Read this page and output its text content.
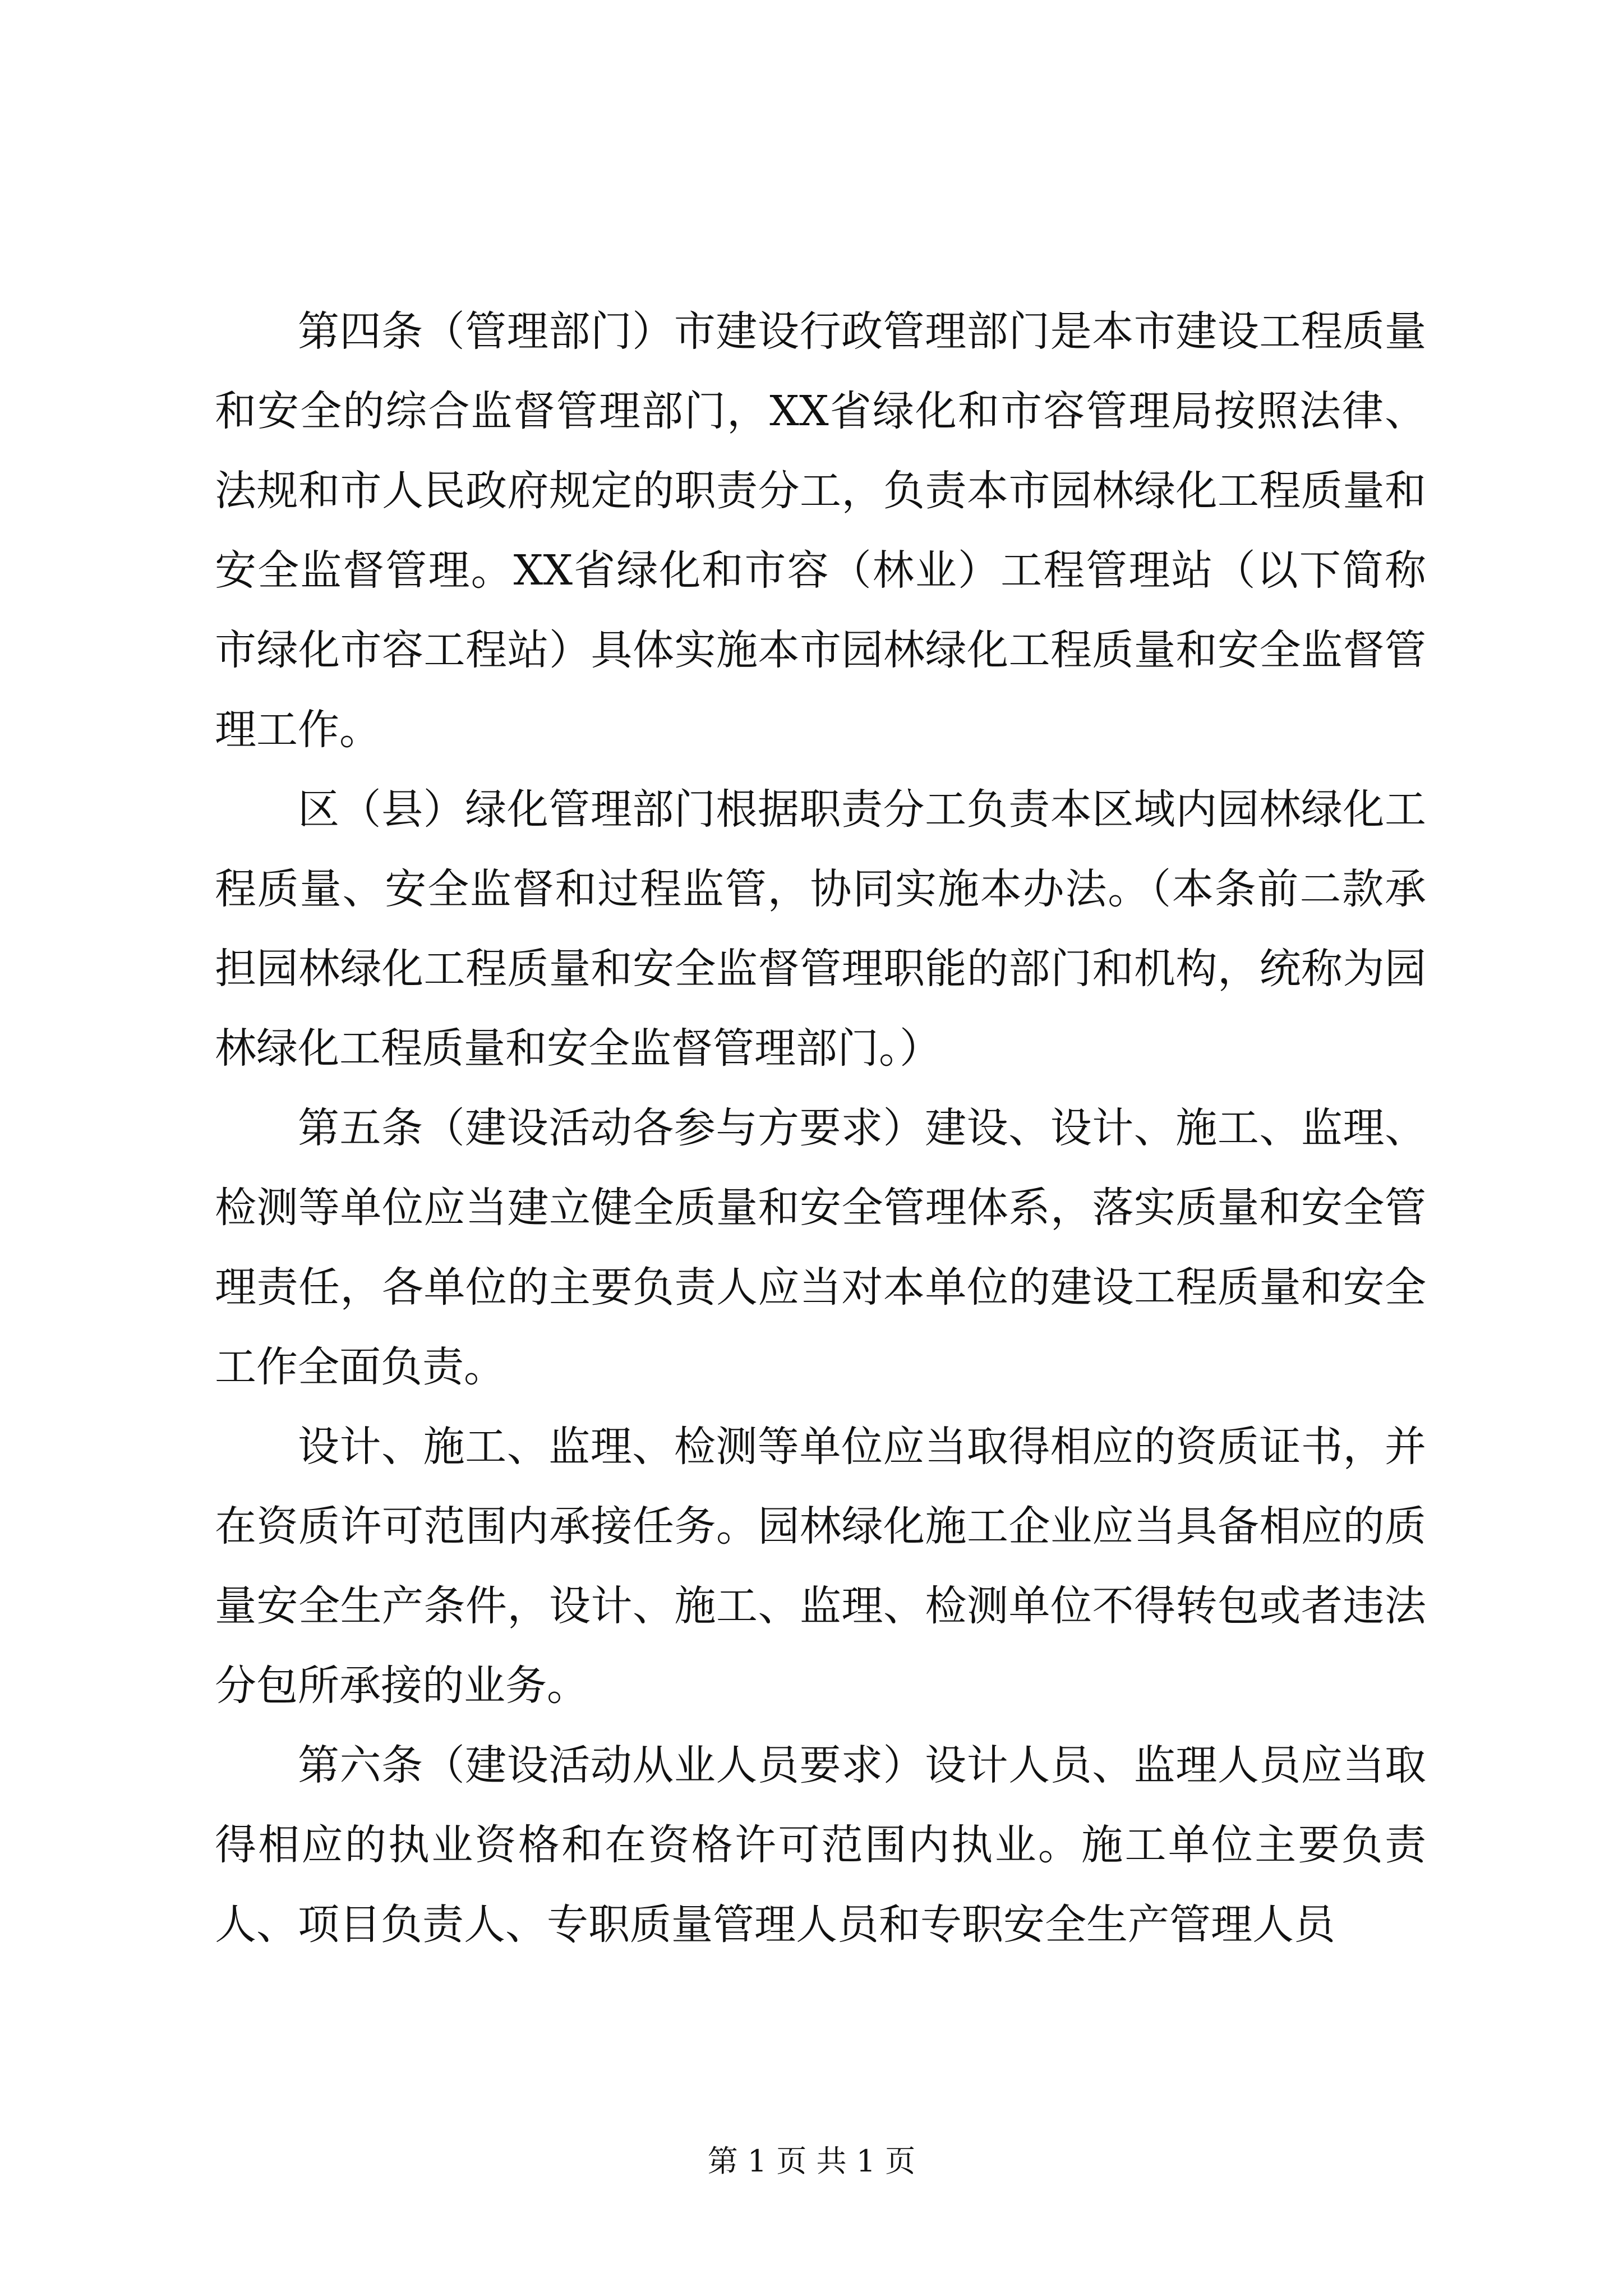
第四条（管理部门）市建设行政管理部门是本市建设工程质量和安全的综合监督管理部门，XX省绿化和市容管理局按照法律、法规和市人民政府规定的职责分工，负责本市园林绿化工程质量和安全监督管理。XX省绿化和市容（林业）工程管理站（以下简称市绿化市容工程站）具体实施本市园林绿化工程质量和安全监督管理工作。

区（县）绿化管理部门根据职责分工负责本区域内园林绿化工程质量、安全监督和过程监管，协同实施本办法。（本条前二款承担园林绿化工程质量和安全监督管理职能的部门和机构，统称为园林绿化工程质量和安全监督管理部门。）

第五条（建设活动各参与方要求）建设、设计、施工、监理、检测等单位应当建立健全质量和安全管理体系，落实质量和安全管理责任，各单位的主要负责人应当对本单位的建设工程质量和安全工作全面负责。

设计、施工、监理、检测等单位应当取得相应的资质证书，并在资质许可范围内承接任务。园林绿化施工企业应当具备相应的质量安全生产条件，设计、施工、监理、检测单位不得转包或者违法分包所承接的业务。

第六条（建设活动从业人员要求）设计人员、监理人员应当取得相应的执业资格和在资格许可范围内执业。施工单位主要负责人、项目负责人、专职质量管理人员和专职安全生产管理人员

第 1 页 共 1 页
